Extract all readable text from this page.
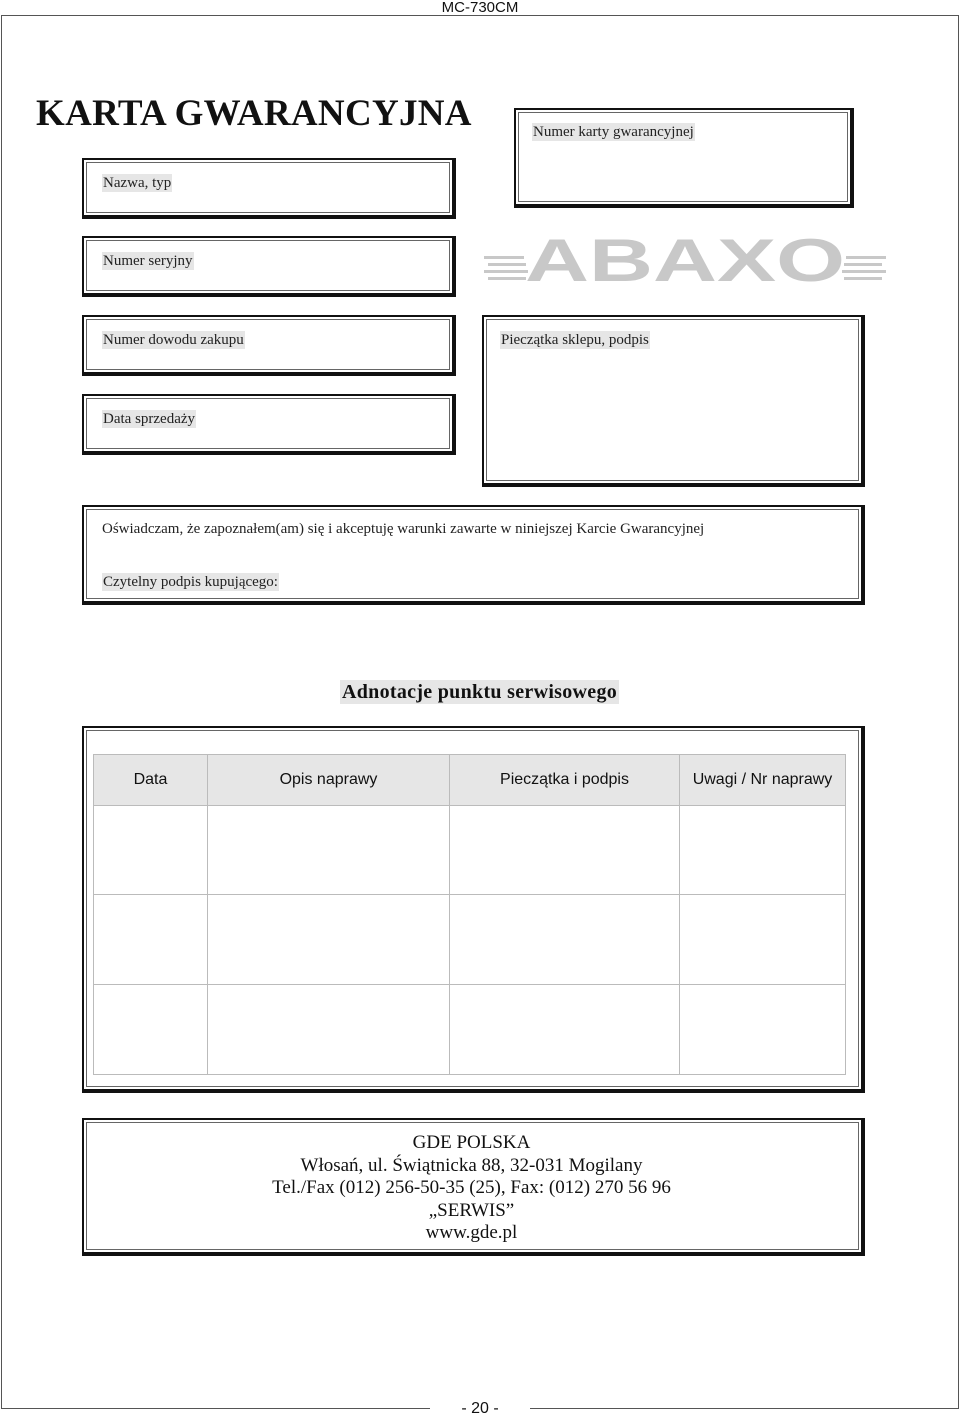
MC-730CM
KARTA GWARANCYJNA	Numer karty gwarancyjnej
Nazwa, typ
Numer seryjny	ABAXO
Numer dowodu zakupu	Pieczątka sklepu, podpis
Data sprzedaży
Oświadczam, że zapoznałem(am) się i akceptuję warunki zawarte w niniejszej Karcie Gwarancyjnej
Czytelny podpis kupującego:
Adnotacje punktu serwisowego
Data	Opis naprawy	Pieczątka i podpis	Uwagi / Nr naprawy

GDE POLSKA
Włosań, ul. Świątnicka 88, 32-031 Mogilany
Tel./Fax (012) 256-50-35 (25), Fax: (012) 270 56 96
„SERWIS”
www.gde.pl
- 20 -
